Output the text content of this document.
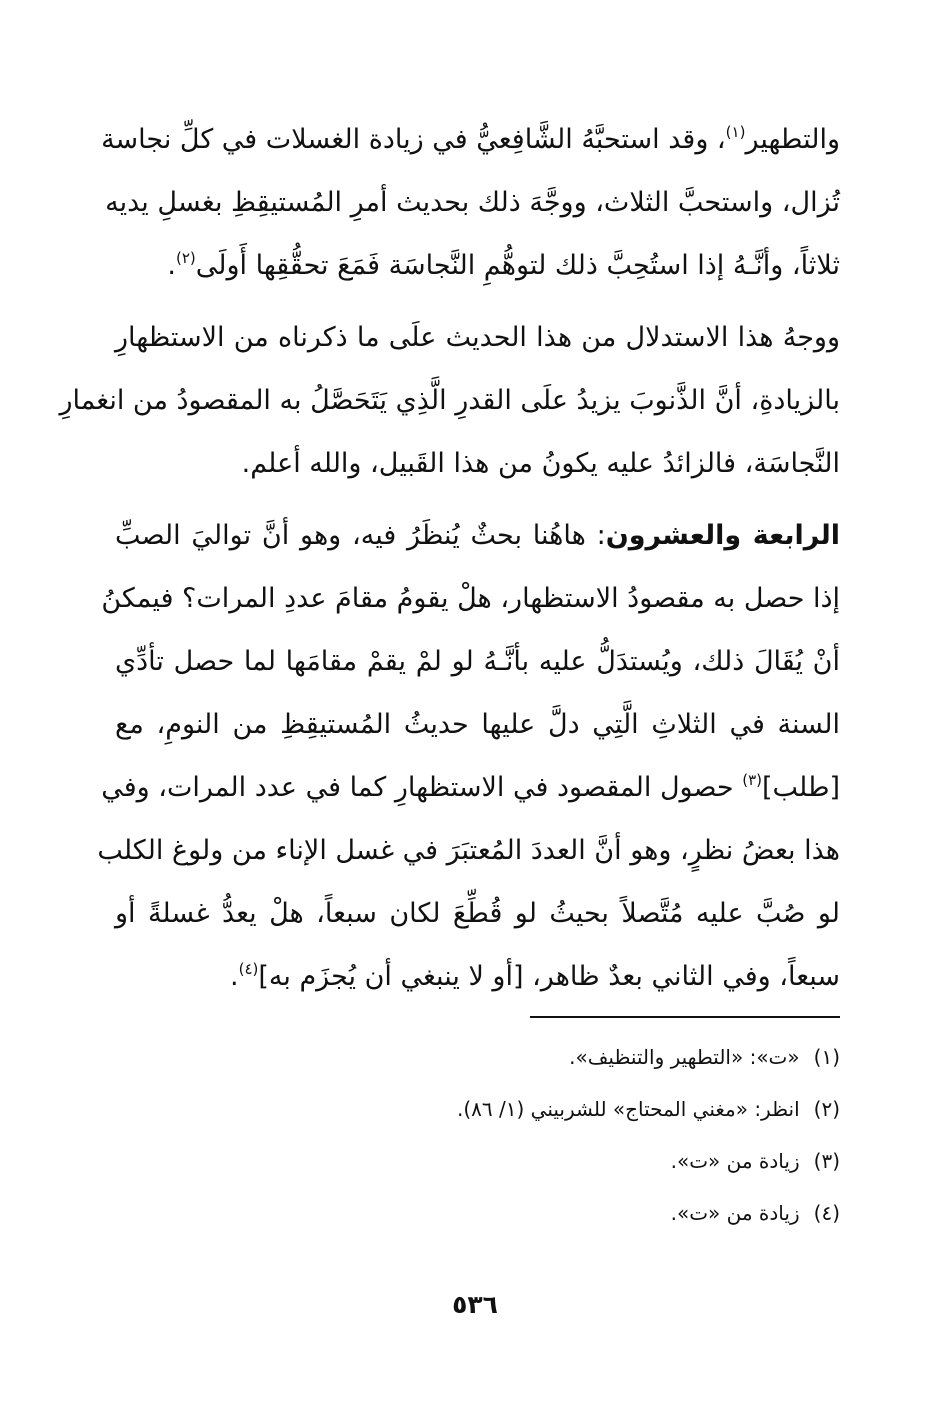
والتطهير$^{(١)}$، وقد استحبَّهُ الشَّافِعيُّ في زيادة الغسلات في كلِّ نجاسة
تُزال، واستحبَّ الثلاث، ووجَّهَ ذلك بحديث أمرِ المُستيقِظِ بغسلِ يديه
ثلاثاً، وأنَّـهُ إذا استُحِبَّ ذلك لتوهُّمِ النَّجاسَة فَمَعَ تحقُّقِها أَولَى$^{(٢)}$.
ووجهُ هذا الاستدلال من هذا الحديث علَى ما ذكرناه من الاستظهارِ
بالزيادةِ، أنَّ الذَّنوبَ يزيدُ علَى القدرِ الَّذِي يَتَحَصَّلُ به المقصودُ من انغمارِ
النَّجاسَة، فالزائدُ عليه يكونُ من هذا القَبيل، والله أعلم.
الرابعة والعشرون: هاهُنا بحثٌ يُنظَرُ فيه، وهو أنَّ تواليَ الصبِّ
إذا حصل به مقصودُ الاستظهار، هلْ يقومُ مقامَ عددِ المرات؟ فيمكنُ
أنْ يُقَالَ ذلك، ويُستدَلُّ عليه بأنَّـهُ لو لمْ يقمْ مقامَها لما حصل تأدِّي
السنة في الثلاثِ الَّتِي دلَّ عليها حديثُ المُستيقِظِ من النومِ، مع
[طلب]$^{(٣)}$ حصول المقصود في الاستظهارِ كما في عدد المرات، وفي
هذا بعضُ نظرٍ، وهو أنَّ العددَ المُعتبَرَ في غسل الإناء من ولوغ الكلب
لو صُبَّ عليه مُتَّصلاً بحيثُ لو قُطِّعَ لكان سبعاً، هلْ يعدُّ غسلةً أو
سبعاً، وفي الثاني بعدٌ ظاهر، [أو لا ينبغي أن يُجزَم به]$^{(٤)}$.
(١)«ت»: «التطهير والتنظيف».
(٢)انظر: «مغني المحتاج» للشربيني (١/ ٨٦).
(٣)زيادة من «ت».
(٤)زيادة من «ت».
٥٣٦
